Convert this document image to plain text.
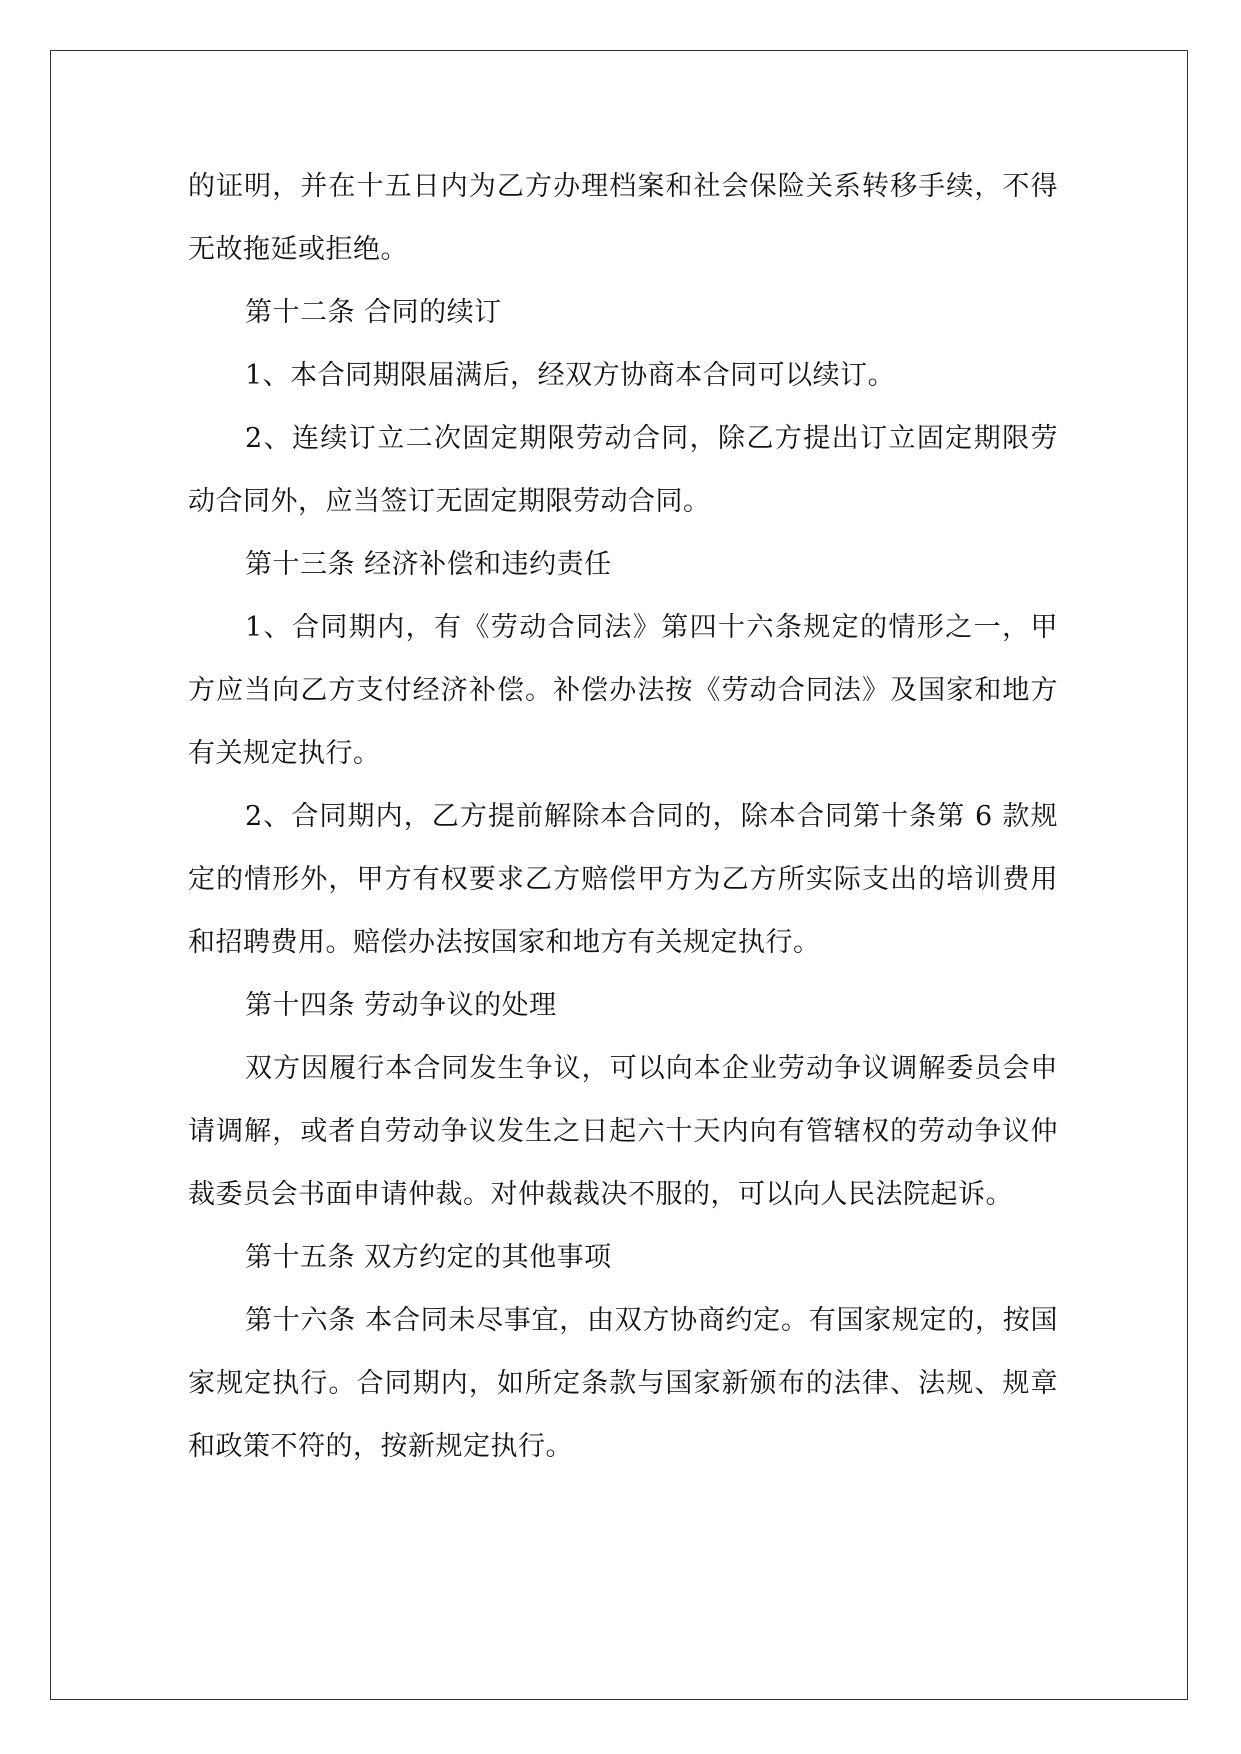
的证明，并在十五日内为乙方办理档案和社会保险关系转移手续，不得无故拖延或拒绝。

第十二条 合同的续订

1、本合同期限届满后，经双方协商本合同可以续订。

2、连续订立二次固定期限劳动合同，除乙方提出订立固定期限劳动合同外，应当签订无固定期限劳动合同。

第十三条 经济补偿和违约责任

1、合同期内，有《劳动合同法》第四十六条规定的情形之一，甲方应当向乙方支付经济补偿。补偿办法按《劳动合同法》及国家和地方有关规定执行。

2、合同期内，乙方提前解除本合同的，除本合同第十条第 6 款规定的情形外，甲方有权要求乙方赔偿甲方为乙方所实际支出的培训费用和招聘费用。赔偿办法按国家和地方有关规定执行。

第十四条 劳动争议的处理

双方因履行本合同发生争议，可以向本企业劳动争议调解委员会申请调解，或者自劳动争议发生之日起六十天内向有管辖权的劳动争议仲裁委员会书面申请仲裁。对仲裁裁决不服的，可以向人民法院起诉。

第十五条 双方约定的其他事项

第十六条 本合同未尽事宜，由双方协商约定。有国家规定的，按国家规定执行。合同期内，如所定条款与国家新颁布的法律、法规、规章和政策不符的，按新规定执行。
